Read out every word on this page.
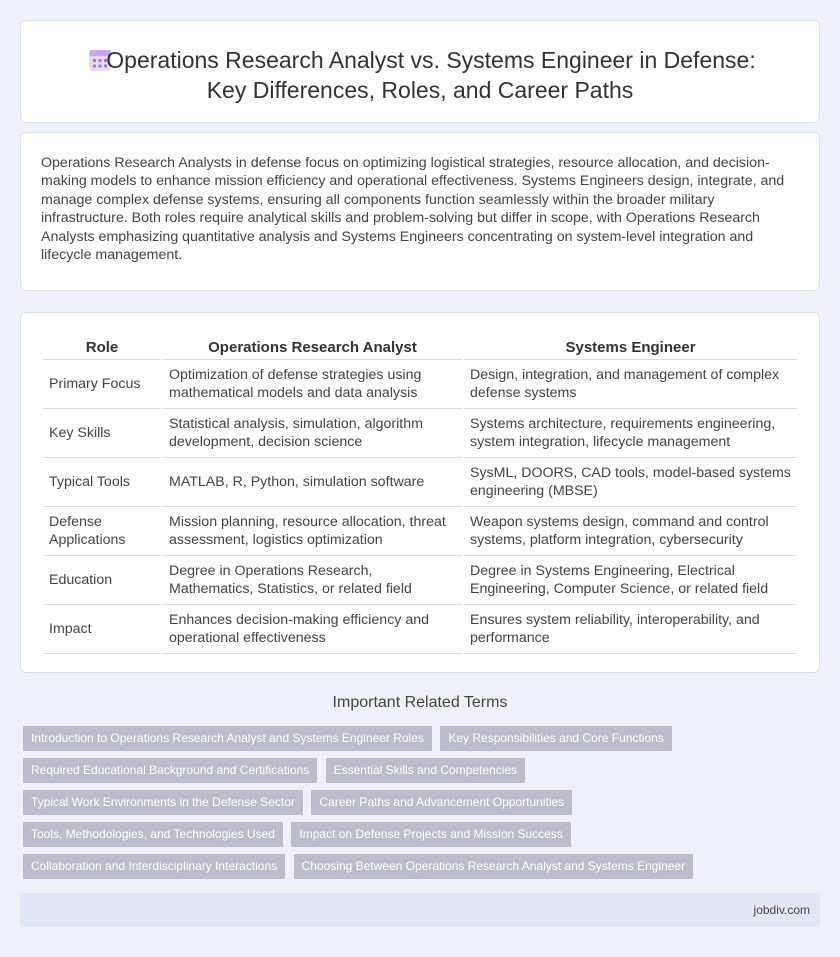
Operations Research Analyst vs. Systems Engineer in Defense:
Key Differences, Roles, and Career Paths

Operations Research Analysts in defense focus on optimizing logistical strategies, resource allocation, and decision-making models to enhance mission efficiency and operational effectiveness. Systems Engineers design, integrate, and manage complex defense systems, ensuring all components function seamlessly within the broader military infrastructure. Both roles require analytical skills and problem-solving but differ in scope, with Operations Research Analysts emphasizing quantitative analysis and Systems Engineers concentrating on system-level integration and lifecycle management.

Role	Operations Research Analyst	Systems Engineer
Primary Focus	Optimization of defense strategies using mathematical models and data analysis	Design, integration, and management of complex defense systems
Key Skills	Statistical analysis, simulation, algorithm development, decision science	Systems architecture, requirements engineering, system integration, lifecycle management
Typical Tools	MATLAB, R, Python, simulation software	SysML, DOORS, CAD tools, model-based systems engineering (MBSE)
Defense Applications	Mission planning, resource allocation, threat assessment, logistics optimization	Weapon systems design, command and control systems, platform integration, cybersecurity
Education	Degree in Operations Research, Mathematics, Statistics, or related field	Degree in Systems Engineering, Electrical Engineering, Computer Science, or related field
Impact	Enhances decision-making efficiency and operational effectiveness	Ensures system reliability, interoperability, and performance
Important Related Terms
Introduction to Operations Research Analyst and Systems Engineer Roles Key Responsibilities and Core Functions Required Educational Background and Certifications Essential Skills and Competencies Typical Work Environments in the Defense Sector Career Paths and Advancement Opportunities Tools, Methodologies, and Technologies Used Impact on Defense Projects and Mission Success Collaboration and Interdisciplinary Interactions Choosing Between Operations Research Analyst and Systems Engineer
jobdiv.com
